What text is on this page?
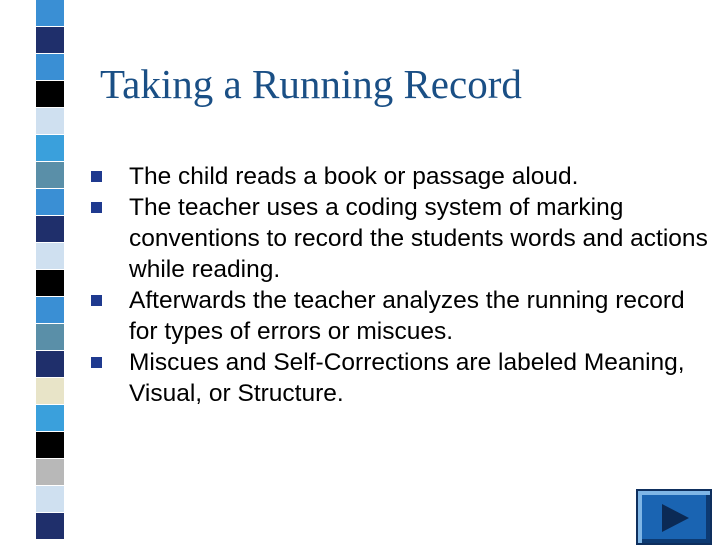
Taking a Running Record
The child reads a book or passage aloud.
The teacher uses a coding system of marking conventions to record the students words and actions while reading.
Afterwards the teacher analyzes the running record for types of errors or miscues.
Miscues and Self-Corrections are labeled Meaning, Visual, or Structure.
